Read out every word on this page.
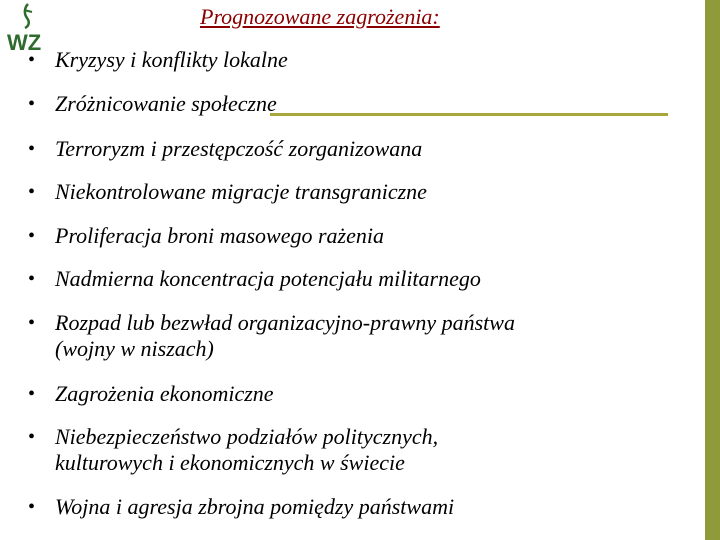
WZ
Prognozowane zagrożenia:
• Kryzysy i konflikty lokalne
• Zróżnicowanie społeczne
• Terroryzm i przestępczość zorganizowana
• Niekontrolowane migracje transgraniczne
• Proliferacja broni masowego rażenia
• Nadmierna koncentracja potencjału militarnego
• Rozpad lub bezwład organizacyjno-prawny państwa
(wojny w niszach)
• Zagrożenia ekonomiczne
• Niebezpieczeństwo podziałów politycznych,
kulturowych i ekonomicznych w świecie
• Wojna i agresja zbrojna pomiędzy państwami
